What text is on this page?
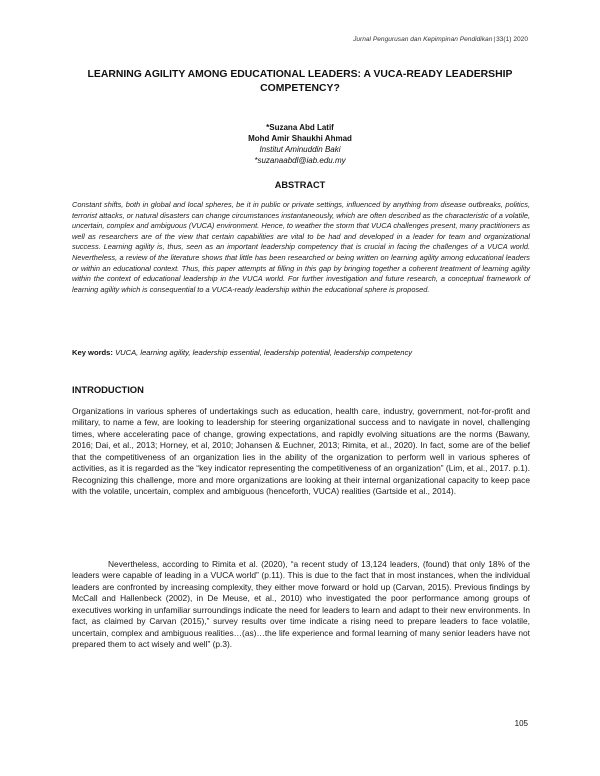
Jurnal Pengurusan dan Kepimpinan Pendidikan|33(1) 2020
LEARNING AGILITY AMONG EDUCATIONAL LEADERS: A VUCA-READY LEADERSHIP COMPETENCY?
*Suzana Abd Latif
Mohd Amir Shaukhi Ahmad
Institut Aminuddin Baki
*suzanaabdl@iab.edu.my
ABSTRACT

Constant shifts, both in global and local spheres, be it in public or private settings, influenced by anything from disease outbreaks, politics, terrorist attacks, or natural disasters can change circumstances instantaneously, which are often described as the characteristic of a volatile, uncertain, complex and ambiguous (VUCA) environment. Hence, to weather the storm that VUCA challenges present, many practitioners as well as researchers are of the view that certain capabilities are vital to be had and developed in a leader for team and organizational success. Learning agility is, thus, seen as an important leadership competency that is crucial in facing the challenges of a VUCA world. Nevertheless, a review of the literature shows that little has been researched or being written on learning agility among educational leaders or within an educational context. Thus, this paper attempts at filling in this gap by bringing together a coherent treatment of learning agility within the context of educational leadership in the VUCA world. For further investigation and future research, a conceptual framework of learning agility which is consequential to a VUCA-ready leadership within the educational sphere is proposed.

Key words: VUCA, learning agility, leadership essential, leadership potential, leadership competency
INTRODUCTION

Organizations in various spheres of undertakings such as education, health care, industry, government, not-for-profit and military, to name a few, are looking to leadership for steering organizational success and to navigate in novel, challenging times, where accelerating pace of change, growing expectations, and rapidly evolving situations are the norms (Bawany, 2016; Dai, et al., 2013; Horney, et al, 2010; Johansen & Euchner, 2013; Rimita, et al., 2020). In fact, some are of the belief that the competitiveness of an organization lies in the ability of the organization to perform well in various spheres of activities, as it is regarded as the “key indicator representing the competitiveness of an organization” (Lim, et al., 2017. p.1). Recognizing this challenge, more and more organizations are looking at their internal organizational capacity to keep pace with the volatile, uncertain, complex and ambiguous (henceforth, VUCA) realities (Gartside et al., 2014).

Nevertheless, according to Rimita et al. (2020), “a recent study of 13,124 leaders, (found) that only 18% of the leaders were capable of leading in a VUCA world” (p.11). This is due to the fact that in most instances, when the individual leaders are confronted by increasing complexity, they either move forward or hold up (Carvan, 2015). Previous findings by McCall and Hallenbeck (2002), in De Meuse, et al., 2010) who investigated the poor performance among groups of executives working in unfamiliar surroundings indicate the need for leaders to learn and adapt to their new environments. In fact, as claimed by Carvan (2015),” survey results over time indicate a rising need to prepare leaders to face volatile, uncertain, complex and ambiguous realities…(as)…the life experience and formal learning of many senior leaders have not prepared them to act wisely and well” (p.3).

105
